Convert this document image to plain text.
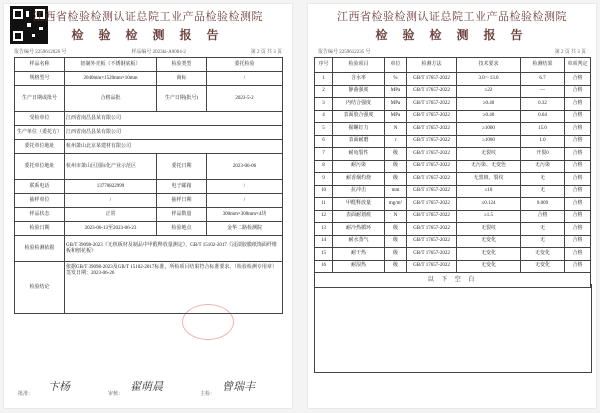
江西省检验检测认证总院工业产品检验检测院
检 验 检 测 报 告
报告编号 2259612026 号	样品编号 2023ki-A0004-2	第 2 页 共 3 页
样品名称	铝制外壳板（不锈钢底板）	检验类型	委托检验
规格型号	2040mm×1520mm×10mm	商标	/
生产日期或批号	合格品批	生产日期(批号)	2023-5-2
受检单位	江西省南昌县某有限公司		
生产单位（委托方）	江西省南昌县某有限公司		
委托单位地址	杭州萧山北京某建材有限公司		
委托单位地址	杭州市萧山区国际化产业示范区	委托日期	2023-06-06
联系电话	13770822999	电子邮箱	/
抽样单位	/	抽样日期	/
样品状态	正常	样品数量	300mm×300mm×4块
检验日期	2023-06-13至2023-06-23	检验地点	金华二路检测院
检验检测依据	GB/T 39098-2023《无机板材及制品中甲醛释放量测定》，GB/T 15102-2017《浸渍胶膜纸饰面纤维板和刨花板》		
检验结论	依据GB/T 39098-2023及GB/T 15102-2017标准，所检项目结果符合标准要求。（检验检测专用章）签发日期：2023-06-26		
批准：
卞杨
审核：
翟萌晨
主检：
曾瑞丰
江西省检验检测认证总院工业产品检验检测院
检 验 检 测 报 告
报告编号 2259612235 号	第 2 页 共 3 页
序号	检验项目	单位	检测方法	技术要求	检测结果	单项判定
1	含水率	%	GB/T 17657-2022	3.0～13.0	6.7	合格
2	静曲强度	MPa	GB/T 17657-2022	≥22	—	合格
3	内结合强度	MPa	GB/T 17657-2022	≥0.40	0.32	合格
4	表面胶合强度	MPa	GB/T 17657-2022	≥0.40	0.64	合格
5	握螺钉力	N	GB/T 17657-2022	≥1000	15.0	合格
6	表面耐磨	r	GB/T 17657-2022	≥1000	1.0	合格
7	耐龟裂性	级	GB/T 17657-2022	无裂纹	开裂0	合格
8	耐污染	级	GB/T 17657-2022	无污染、无变色	无污染	合格
9	耐香烟灼烧	级	GB/T 17657-2022	无黑斑、裂纹	无	合格
10	抗冲击	mm	GB/T 17657-2022	≤10	无	合格
11	甲醛释放量	mg/m³	GB/T 17657-2022	≤0.124	0.009	合格
12	表面耐划痕	N	GB/T 17657-2022	≥1.5	合格	合格
13	耐冷热循环	级	GB/T 17657-2022	无裂纹	无	合格
14	耐水蒸气	级	GB/T 17657-2022	无变化	无	合格
15	耐干热	级	GB/T 17657-2022	无变化	无变化	合格
16	耐湿热	级	GB/T 17657-2022	无变化	无变化	合格
以 下 空 白						
